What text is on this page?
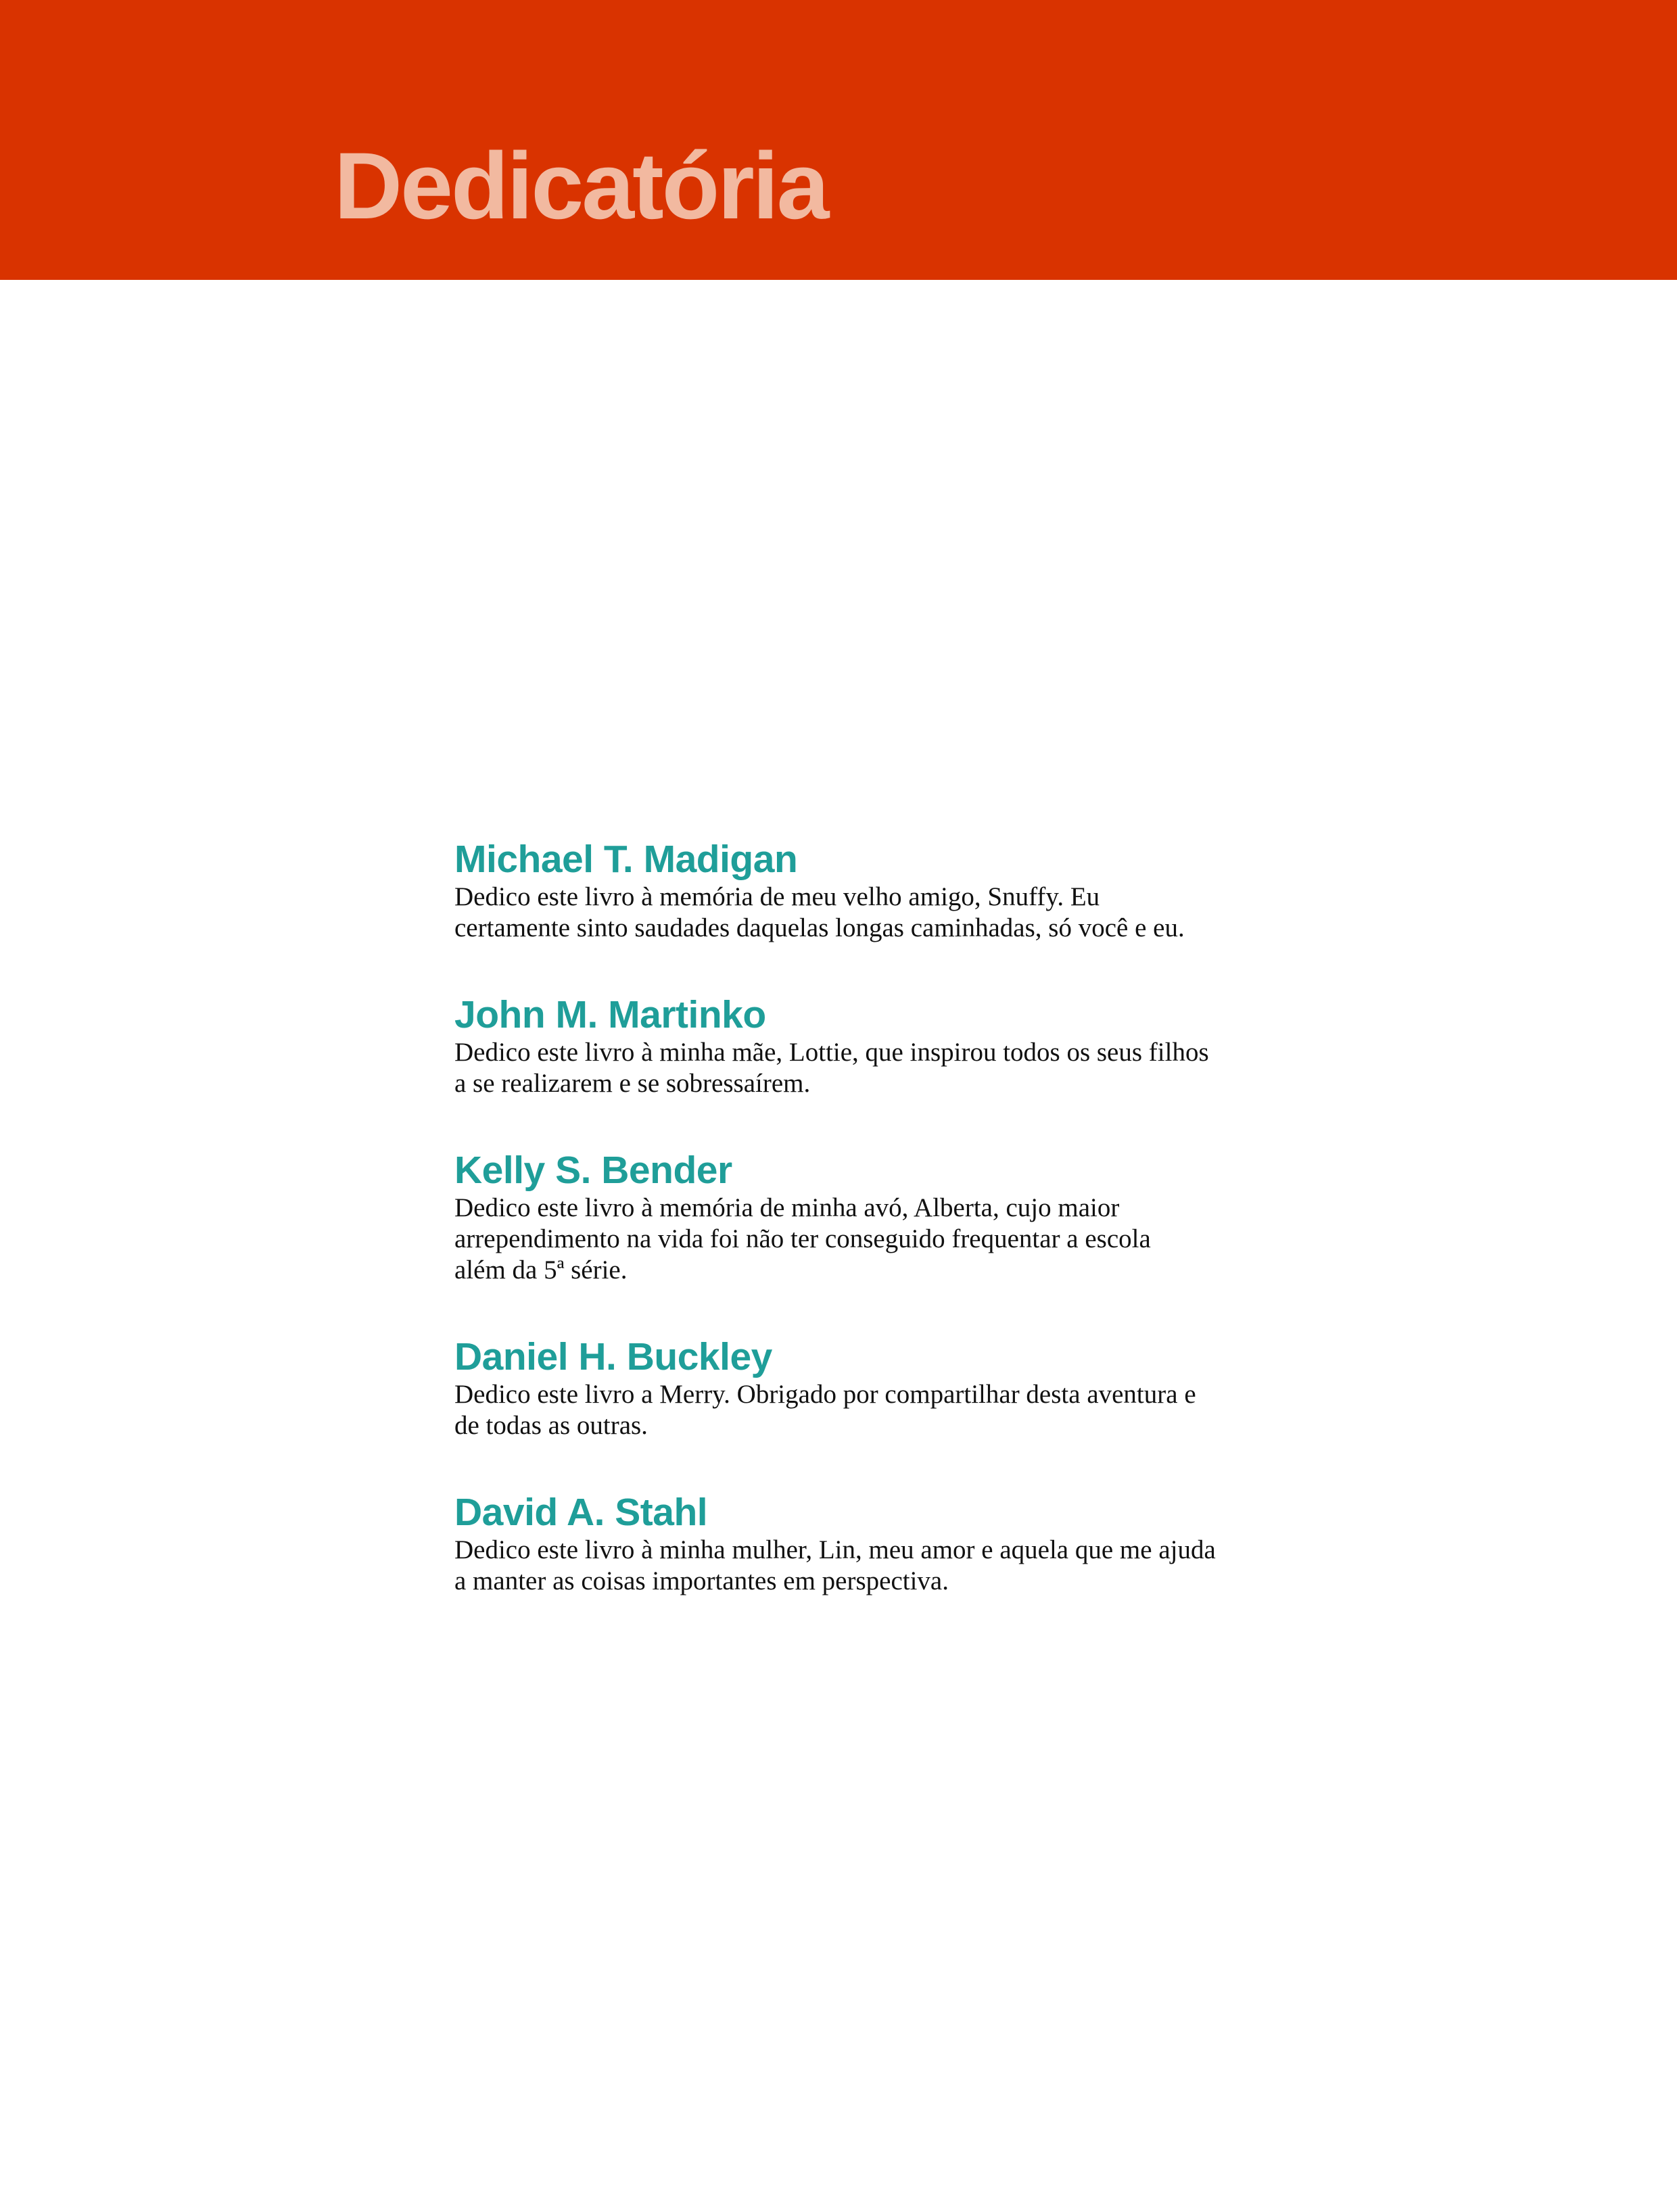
Dedicatória
Michael T. Madigan

Dedico este livro à memória de meu velho amigo, Snuffy. Eu
certamente sinto saudades daquelas longas caminhadas, só você e eu.

John M. Martinko

Dedico este livro à minha mãe, Lottie, que inspirou todos os seus filhos
a se realizarem e se sobressaírem.

Kelly S. Bender

Dedico este livro à memória de minha avó, Alberta, cujo maior
arrependimento na vida foi não ter conseguido frequentar a escola
além da 5ª série.

Daniel H. Buckley

Dedico este livro a Merry. Obrigado por compartilhar desta aventura e
de todas as outras.

David A. Stahl

Dedico este livro à minha mulher, Lin, meu amor e aquela que me ajuda
a manter as coisas importantes em perspectiva.
